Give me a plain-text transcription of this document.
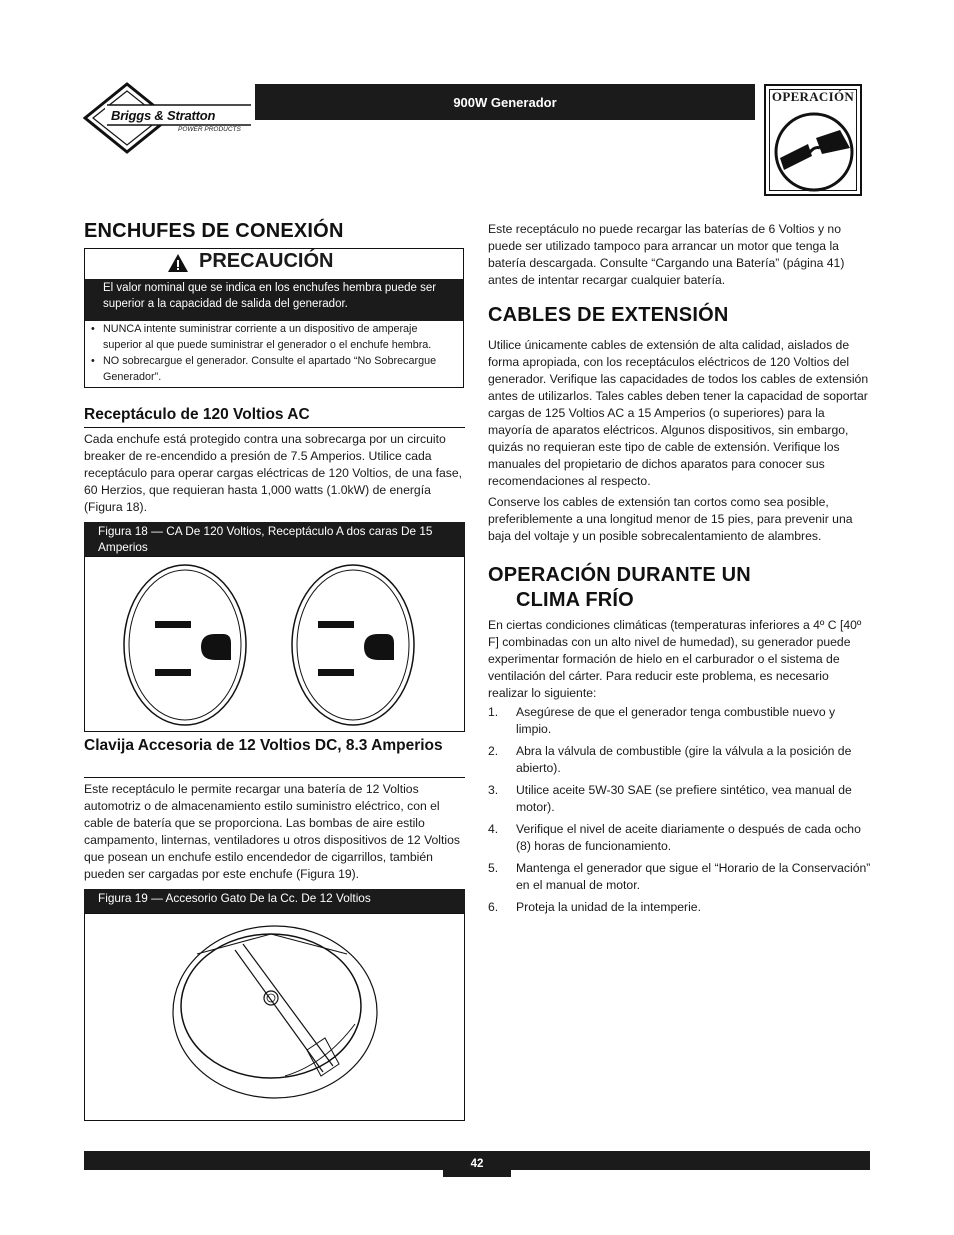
Briggs & Stratton
POWER PRODUCTS
900W Generador	OPERACIÓN
ENCHUFES DE CONEXIÓN
PRECAUCIÓN
El valor nominal que se indica en los enchufes hembra puede ser superior a la capacidad de salida del generador.
• NUNCA intente suministrar corriente a un dispositivo de amperaje superior al que puede suministrar el generador o el enchufe hembra.
• NO sobrecargue el generador. Consulte el apartado “No Sobrecargue Generador”.
Receptáculo de 120 Voltios AC

Cada enchufe está protegido contra una sobrecarga por un circuito breaker de re-encendido a presión de 7.5 Amperios. Utilice cada receptáculo para operar cargas eléctricas de 120 Voltios, de una fase, 60 Herzios, que requieran hasta 1,000 watts (1.0kW) de energía (Figura 18).

Figura 18 — CA De 120 Voltios, Receptáculo A dos caras De 15 Amperios
Clavija Accesoria de 12 Voltios DC, 8.3 Amperios

Este receptáculo le permite recargar una batería de 12 Voltios automotriz o de almacenamiento estilo suministro eléctrico, con el cable de batería que se proporciona. Las bombas de aire estilo campamento, linternas, ventiladores u otros dispositivos de 12 Voltios que posean un enchufe estilo encendedor de cigarrillos, también pueden ser cargadas por este enchufe (Figura 19).

Figura 19 — Accesorio Gato De la Cc. De 12 Voltios

Este receptáculo no puede recargar las baterías de 6 Voltios y no puede ser utilizado tampoco para arrancar un motor que tenga la batería descargada. Consulte “Cargando una Batería” (página 41) antes de intentar recargar cualquier batería.

CABLES DE EXTENSIÓN

Utilice únicamente cables de extensión de alta calidad, aislados de forma apropiada, con los receptáculos eléctricos de 120 Voltios del generador. Verifique las capacidades de todos los cables de extensión antes de utilizarlos. Tales cables deben tener la capacidad de soportar cargas de 125 Voltios AC a 15 Amperios (o superiores) para la mayoría de aparatos eléctricos. Algunos dispositivos, sin embargo, quizás no requieran este tipo de cable de extensión. Verifique los manuales del propietario de dichos aparatos para conocer sus recomendaciones al respecto.

Conserve los cables de extensión tan cortos como sea posible, preferiblemente a una longitud menor de 15 pies, para prevenir una baja del voltaje y un posible sobrecalentamiento de alambres.

OPERACIÓN DURANTE UN
CLIMA FRÍO

En ciertas condiciones climáticas (temperaturas inferiores a 4º C [40º F] combinadas con un alto nivel de humedad), su generador puede experimentar formación de hielo en el carburador o el sistema de ventilación del cárter. Para reducir este problema, es necesario realizar lo siguiente:

1. Asegúrese de que el generador tenga combustible nuevo y limpio.
2. Abra la válvula de combustible (gire la válvula a la posición de abierto).
3. Utilice aceite 5W-30 SAE (se prefiere sintético, vea manual de motor).
4. Verifique el nivel de aceite diariamente o después de cada ocho (8) horas de funcionamiento.
5. Mantenga el generador que sigue el “Horario de la Conservación” en el manual de motor.
6. Proteja la unidad de la intemperie.
42
